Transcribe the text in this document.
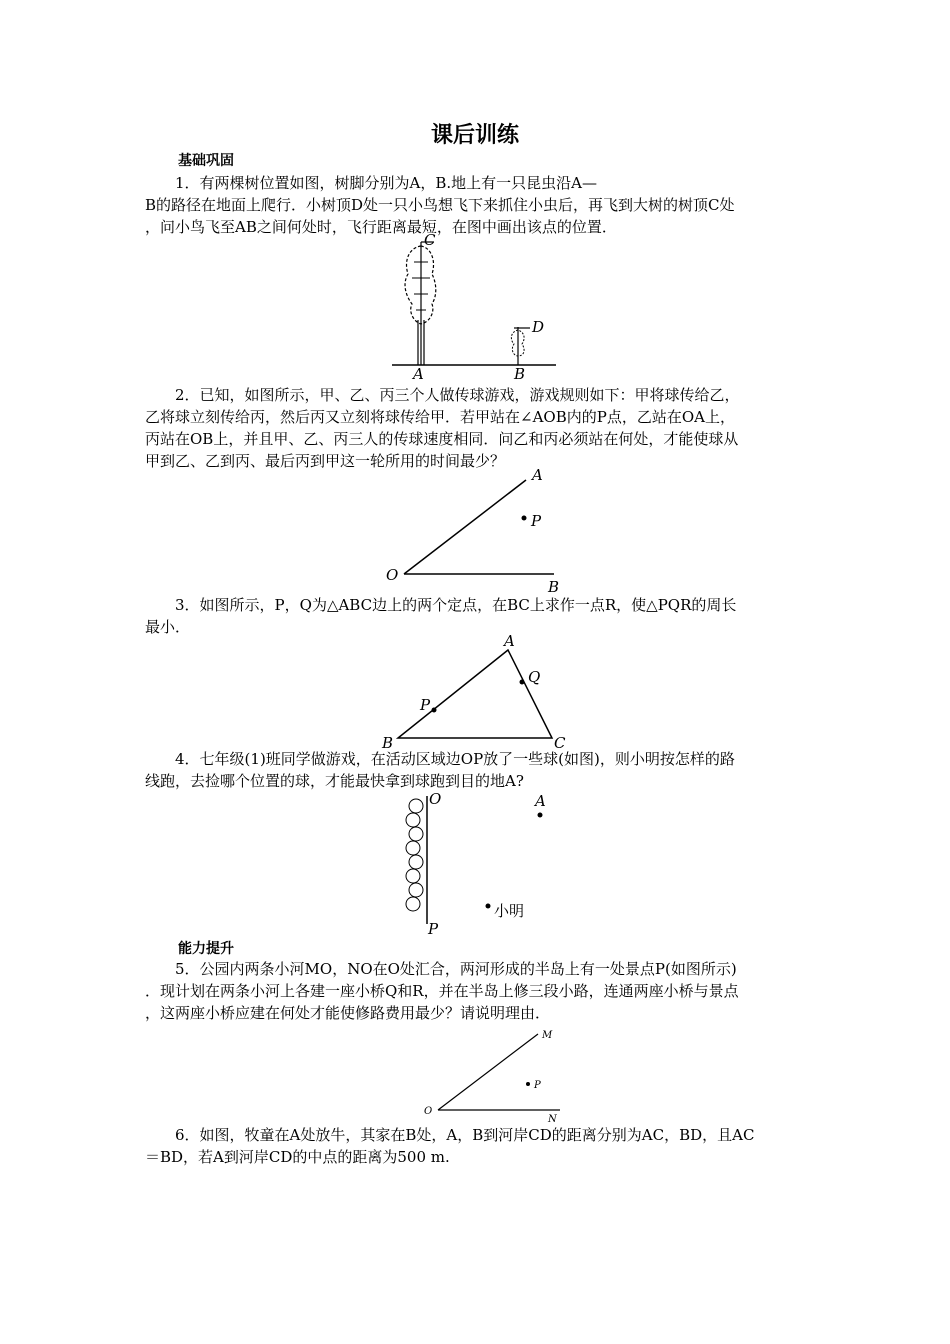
课后训练
基础巩固
1．有两棵树位置如图，树脚分别为A，B.地上有一只昆虫沿A—
B的路径在地面上爬行．小树顶D处一只小鸟想飞下来抓住小虫后，再飞到大树的树顶C处
，问小鸟飞至AB之间何处时，飞行距离最短，在图中画出该点的位置．
C
D
A	B
2．已知，如图所示，甲、乙、丙三个人做传球游戏，游戏规则如下：甲将球传给乙，
乙将球立刻传给丙，然后丙又立刻将球传给甲．若甲站在∠AOB内的P点，乙站在OA上，
丙站在OB上，并且甲、乙、丙三人的传球速度相同．问乙和丙必须站在何处，才能使球从
甲到乙、乙到丙、最后丙到甲这一轮所用的时间最少？
A
P
O
B
3．如图所示，P，Q为△ABC边上的两个定点，在BC上求作一点R，使△PQR的周长
最小．
A
Q
P
B	C
4．七年级(1)班同学做游戏，在活动区域边OP放了一些球(如图)，则小明按怎样的路
线跑，去捡哪个位置的球，才能最快拿到球跑到目的地A?
O	A
P
小明
能力提升
5．公园内两条小河MO，NO在O处汇合，两河形成的半岛上有一处景点P(如图所示)
．现计划在两条小河上各建一座小桥Q和R，并在半岛上修三段小路，连通两座小桥与景点
，这两座小桥应建在何处才能使修路费用最少？请说明理由．
M
P
O
N
6．如图，牧童在A处放牛，其家在B处，A，B到河岸CD的距离分别为AC，BD，且AC
＝BD，若A到河岸CD的中点的距离为500 m.
